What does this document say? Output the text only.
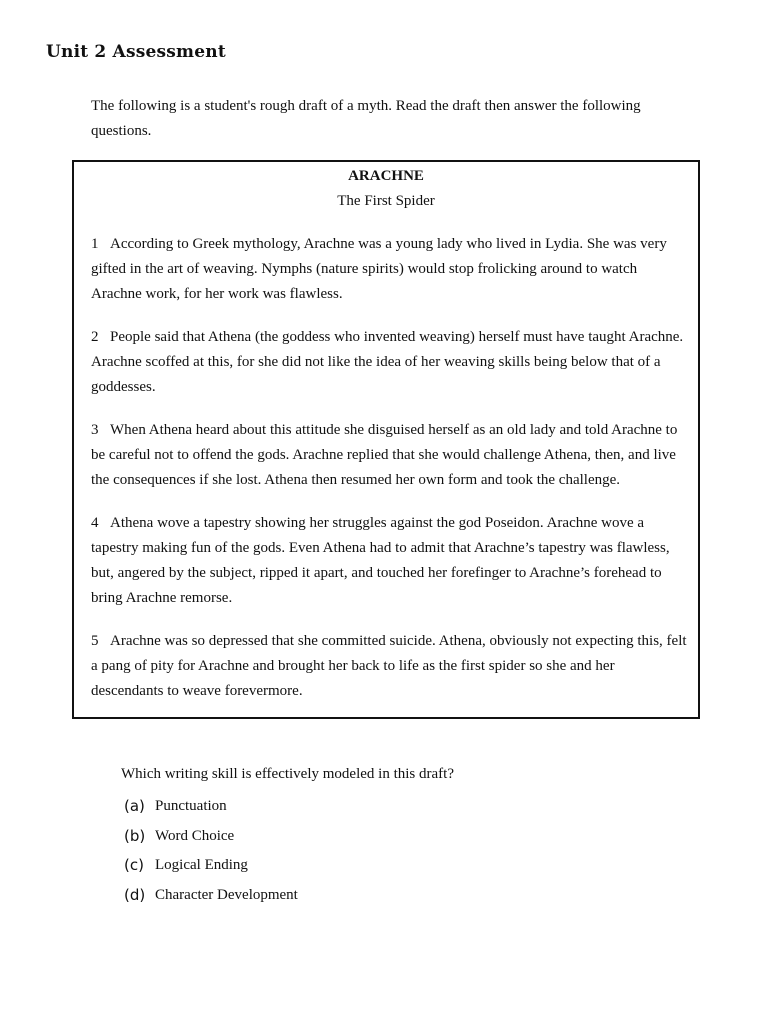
Unit 2 Assessment

The following is a student's rough draft of a myth. Read the draft then answer the following questions.

ARACHNE

The First Spider

1 According to Greek mythology, Arachne was a young lady who lived in Lydia. She was very gifted in the art of weaving. Nymphs (nature spirits) would stop frolicking around to watch Arachne work, for her work was flawless.

2 People said that Athena (the goddess who invented weaving) herself must have taught Arachne. Arachne scoffed at this, for she did not like the idea of her weaving skills being below that of a goddesses.

3 When Athena heard about this attitude she disguised herself as an old lady and told Arachne to be careful not to offend the gods. Arachne replied that she would challenge Athena, then, and live the consequences if she lost. Athena then resumed her own form and took the challenge.

4 Athena wove a tapestry showing her struggles against the god Poseidon. Arachne wove a tapestry making fun of the gods. Even Athena had to admit that Arachne’s tapestry was flawless, but, angered by the subject, ripped it apart, and touched her forefinger to Arachne’s forehead to bring Arachne remorse.

5 Arachne was so depressed that she committed suicide. Athena, obviously not expecting this, felt a pang of pity for Arachne and brought her back to life as the first spider so she and her descendants to weave forevermore.

Which writing skill is effectively modeled in this draft?

(a) Punctuation
(b) Word Choice
(c) Logical Ending
(d) Character Development
